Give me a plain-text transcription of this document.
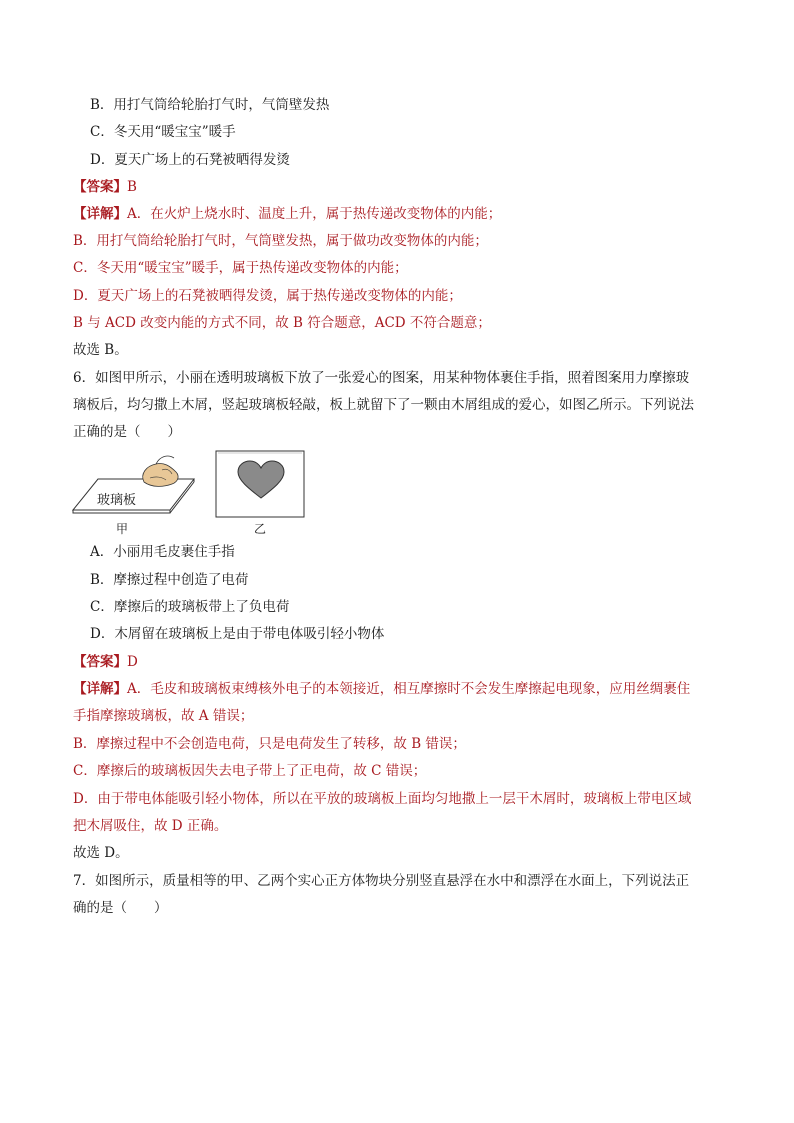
B．用打气筒给轮胎打气时，气筒壁发热
C．冬天用“暖宝宝”暖手
D．夏天广场上的石凳被晒得发烫
【答案】B
【详解】A．在火炉上烧水时、温度上升，属于热传递改变物体的内能；
B．用打气筒给轮胎打气时，气筒壁发热，属于做功改变物体的内能；
C．冬天用“暖宝宝”暖手，属于热传递改变物体的内能；
D．夏天广场上的石凳被晒得发烫，属于热传递改变物体的内能；
B 与 ACD 改变内能的方式不同，故 B 符合题意，ACD 不符合题意；
故选 B。
6．如图甲所示，小丽在透明玻璃板下放了一张爱心的图案，用某种物体裹住手指，照着图案用力摩擦玻
璃板后，均匀撒上木屑，竖起玻璃板轻敲，板上就留下了一颗由木屑组成的爱心，如图乙所示。下列说法
正确的是（　　）
玻璃板
甲	乙
A．小丽用毛皮裹住手指
B．摩擦过程中创造了电荷
C．摩擦后的玻璃板带上了负电荷
D．木屑留在玻璃板上是由于带电体吸引轻小物体
【答案】D
【详解】A．毛皮和玻璃板束缚核外电子的本领接近，相互摩擦时不会发生摩擦起电现象，应用丝绸裹住
手指摩擦玻璃板，故 A 错误；
B．摩擦过程中不会创造电荷，只是电荷发生了转移，故 B 错误；
C．摩擦后的玻璃板因失去电子带上了正电荷，故 C 错误；
D．由于带电体能吸引轻小物体，所以在平放的玻璃板上面均匀地撒上一层干木屑时，玻璃板上带电区域
把木屑吸住，故 D 正确。
故选 D。
7．如图所示，质量相等的甲、乙两个实心正方体物块分别竖直悬浮在水中和漂浮在水面上，下列说法正
确的是（　　）
